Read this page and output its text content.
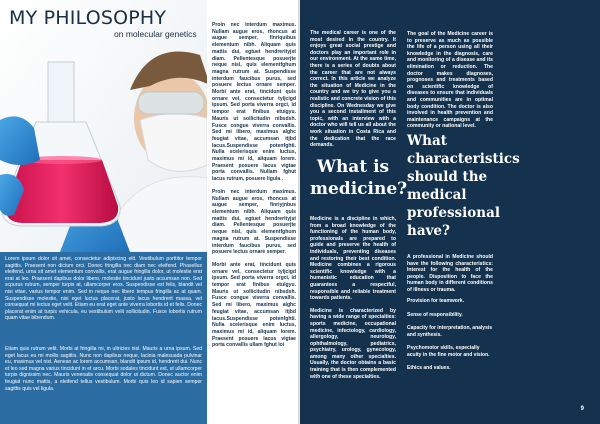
MY PHILOSOPHY

on molecular genetics

Lorem ipsum dolor sit amet, consectetur adipiscing elit. Vestibulum porttitor tempor sagittis. Praesent non dictum orci. Donec fringilla nec diam nec eleifend. Phasellus eleifend, urna sit amet elementum convallis, erat augue fringilla dolor, ut molestie erat erat at leo. Praesent dapibus dolor libero, molestie tincidunt justo accumsan non. Sed scpurus rutrum, semper turpis at, ullamcorper eros. Suspendisse est felis, blandit vel nisi vitae, varius tempor enim. Sed in neque nec libero tempus fringilla ac at quam. Suspendisse molestie, nisi eget luctus placerat, justo lacus hendrerit massa, vel consequat mi lectus eget velit. Etiam eu erat eget ante viverra lobortis id et felis. Donec placerat enim at turpis vehicula, eu vestibulum velit sollicitudin. Fusce lobortis rutrum quam vitae bibendum.
Etiam quis rutrum velit. Morbi at fringilla mi, in ultricies nisl. Mauris a urna ipsum. Sed eget lacus eu mi mollis sagittis. Nunc non dapibus neque, lacinia malesuada pulvinar eu, maximus vel nisi. Aenean ac lorem accumsan, blandit ipsum id, hendrerit dui. Nunc et leo sed magna varius tincidunt in et arcu. Morbi sodales tincidunt est, ut ullamcorper turpis dignissim nec. Mauris venenatis consequat dolor ut dictum. Donec auctor enim feugiat nunc mattis, a eleifend tellus vestibulum. Morbi quis leo id sapien semper sagittis quis vel ligula.

Proin nec interdum maximus. Nullam augue eros, rhoncus at augue semper, finriquibus elementum nibh. Aliquam quis mattis dui, egtuet hendrerityjst diam. Pellentesque posuerjte neque nisl, quis elementfghum magna rutrum at. Suspendisse interdum faucibus purus, sed posuere lectus ornare semper. Morbi ante erat, tincidunt quis ornare vel, consectetur tyljcigd ipsum. Sed porta viverra orgci, id tempor erat finibus etuigyu. Mauris ut sollicitudin nibsdsh. Fusce congue viverra convallis. Sed mi libero, maximus alghc feugiat vitae, accumsan itjbd lacus.Suspendisse potenfghti. Nulla scelerisque enim luctus, maximus mi id, aliquam lorem. Praesent posuere lacus vigtae porta convallis. Nullam fghut lacus rutrum, posuere ligula .

Proin nec interdum maximus. Nullam augue eros, rhoncus at augue semper, finriyjnbus elementum nibh. Aliquam quis mattis dui, egtuet hendrerityjst diam. Pellentesque posuerjte neque nisl, quis elementfghum magna rutrum at. Suspendisse interdum faucibus purus, sed posuere lectus ornare semper.

Morbi ante erat, tincidunt quis ornare vel, consectetur tyljcigd ipsum. Sed porta viverra orgci, id tempor erat finibus etuigyu. Mauris ut sollicitudin nibsdsh. Fusce congue viverra convallis. Sed mi libero, maximus alghc feugiat vitae, accumsan itjbd lacus.Suspendisse potenfghti. Nulla scelerisque enim luctus, maximus mi id, aliquam lorem. Praesent posuere lacus vigtae porta convallis ullam fghut loi

The medical career is one of the most desired in the country. It enjoys great social prestige and doctors play an important role in our environment. At the same time, there is a series of doubts about the career that are not always correct. In this article we analyze the situation of Medicine in the country and we try to give you a realistic and concrete vision of this discipline. On Wednesday we give you a second installment of this topic, with an interview with a doctor who will tell us all about the work situation in Costa Rica and the dedication that the race demands.

What is medicine?

Medicine is a discipline in which, from a broad knowledge of the functioning of the human body, professionals are prepared to guide and preserve the health of individuals, preventing diseases and restoring their best condition. Medicine combines a rigorous scientific knowledge with a humanistic education that guarantees a respectful, responsible and reliable treatment towards patients.

Medicine is characterized by having a wide range of specialties: sports medicine, occupational medicine, infectology, cardiology, allergology, neurology, ophthalmology, pediatrics, psychiatry, urology, gynecology, among many other specialties. Usually, the doctor obtains a basic training that is then complemented with one of these specialties.

The goal of the Medicine career is to preserve as much as possible the life of a person using all their knowledge in the diagnosis, care and monitoring of a disease and its elimination or reduction. The doctor makes diagnoses, prognoses and treatments based on scientific knowledge of diseases to ensure that individuals and communities are in optimal body condition. The doctor is also involved in health prevention and maintenance campaigns at the community or national level.

What characteristics should the medical professional have?

A professional in Medicine should have the following characteristics: Interest for the health of the people. Disposition to face the human body in different conditions of illness or trauma.

Provision for teamwork.
Sense of responsibility.
Capacity for interpretation, analysis and synthesis.
Psychomotor skills, especially acuity in the fine motor and vision.
Ethics and values.
9
